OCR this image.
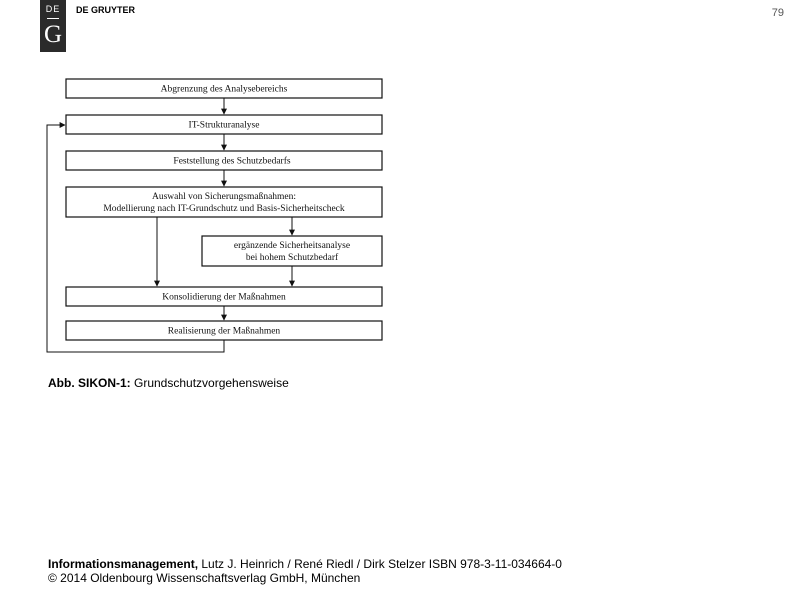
DE
G
DE GRUYTER	79
Abgrenzung des Analysebereichs
IT-Strukturanalyse
Feststellung des Schutzbedarfs
Auswahl von Sicherungsmaßnahmen:
Modellierung nach IT-Grundschutz und Basis-Sicherheitscheck
ergänzende Sicherheitsanalyse
bei hohem Schutzbedarf
Konsolidierung der Maßnahmen
Realisierung der Maßnahmen
Abb. SIKON-1: Grundschutzvorgehensweise
Informationsmanagement, Lutz J. Heinrich / René Riedl / Dirk Stelzer ISBN 978-3-11-034664-0
© 2014 Oldenbourg Wissenschaftsverlag GmbH, München
